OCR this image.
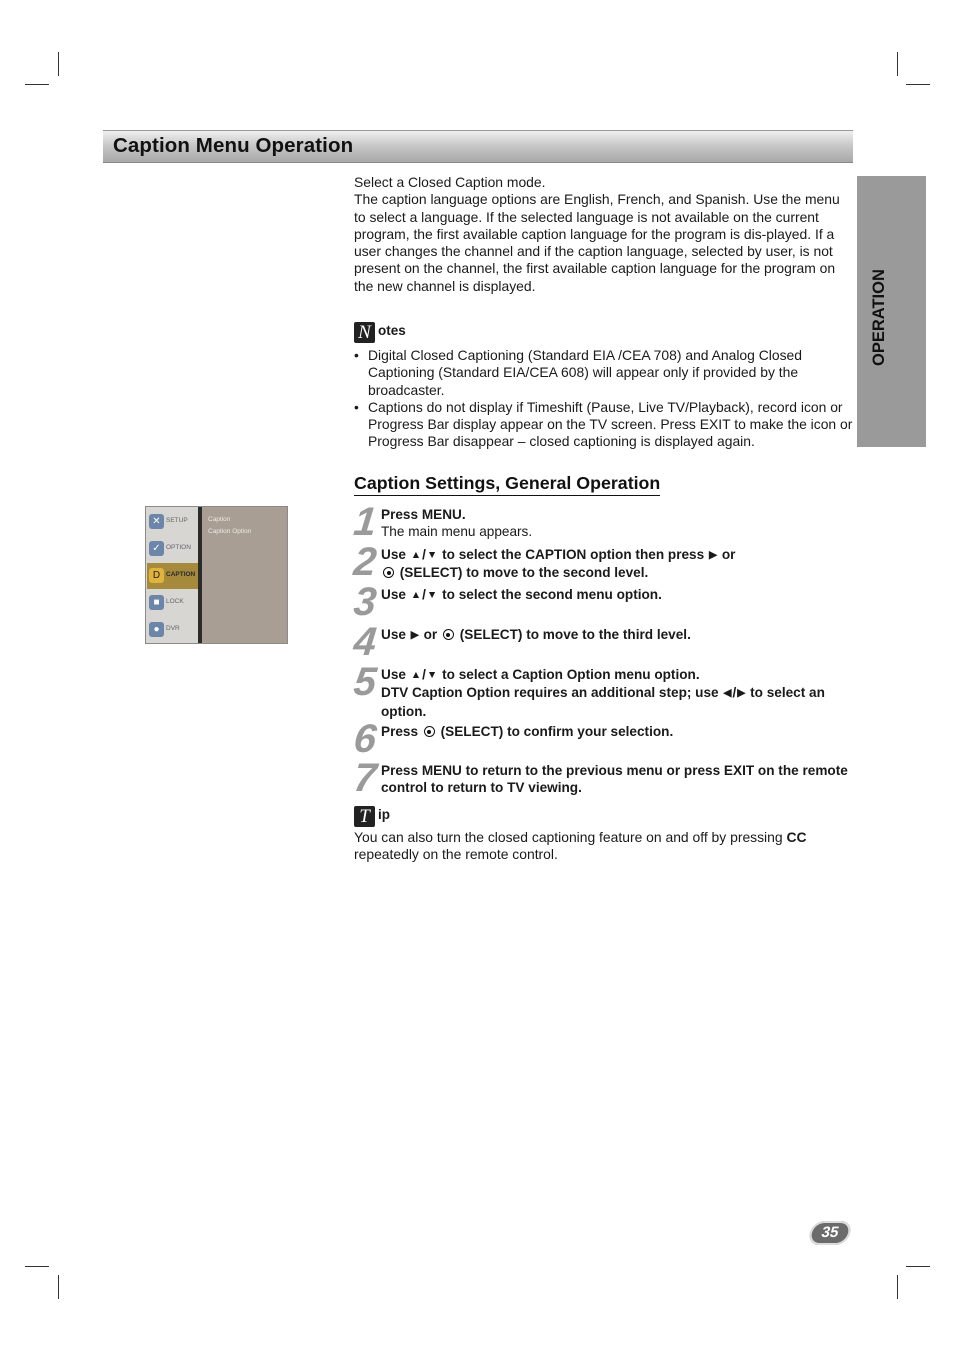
Caption Menu Operation
OPERATION

Select a Closed Caption mode.

The caption language options are English, French, and Spanish. Use the menu to select a language. If the selected language is not available on the current program, the first available caption language for the program is dis-played. If a user changes the channel and if the caption language, selected by user, is not present on the channel, the first available caption language for the program on the new channel is displayed.

N otes
• Digital Closed Captioning (Standard EIA /CEA 708) and Analog Closed Captioning (Standard EIA/CEA 608) will appear only if provided by the broadcaster.
• Captions do not display if Timeshift (Pause, Live TV/Playback), record icon or Progress Bar display appear on the TV screen. Press EXIT to make the icon or Progress Bar disappear – closed captioning is displayed again.
Caption Settings, General Operation
✕ SETUP
✓ OPTION
D CAPTION
■ LOCK
● DVR
Caption
Caption Option	1 Press MENU.
The main menu appears.
2 Use ▲/▼ to select the CAPTION option then press ▶ or
(SELECT) to move to the second level.
3 Use ▲/▼ to select the second menu option.
4 Use ▶ or (SELECT) to move to the third level.
5 Use ▲/▼ to select a Caption Option menu option.
DTV Caption Option requires an additional step; use ◀/▶ to select an option.
6 Press (SELECT) to confirm your selection.
7 Press MENU to return to the previous menu or press EXIT on the remote control to return to TV viewing.
T ip

You can also turn the closed captioning feature on and off by pressing CC repeatedly on the remote control.

35
